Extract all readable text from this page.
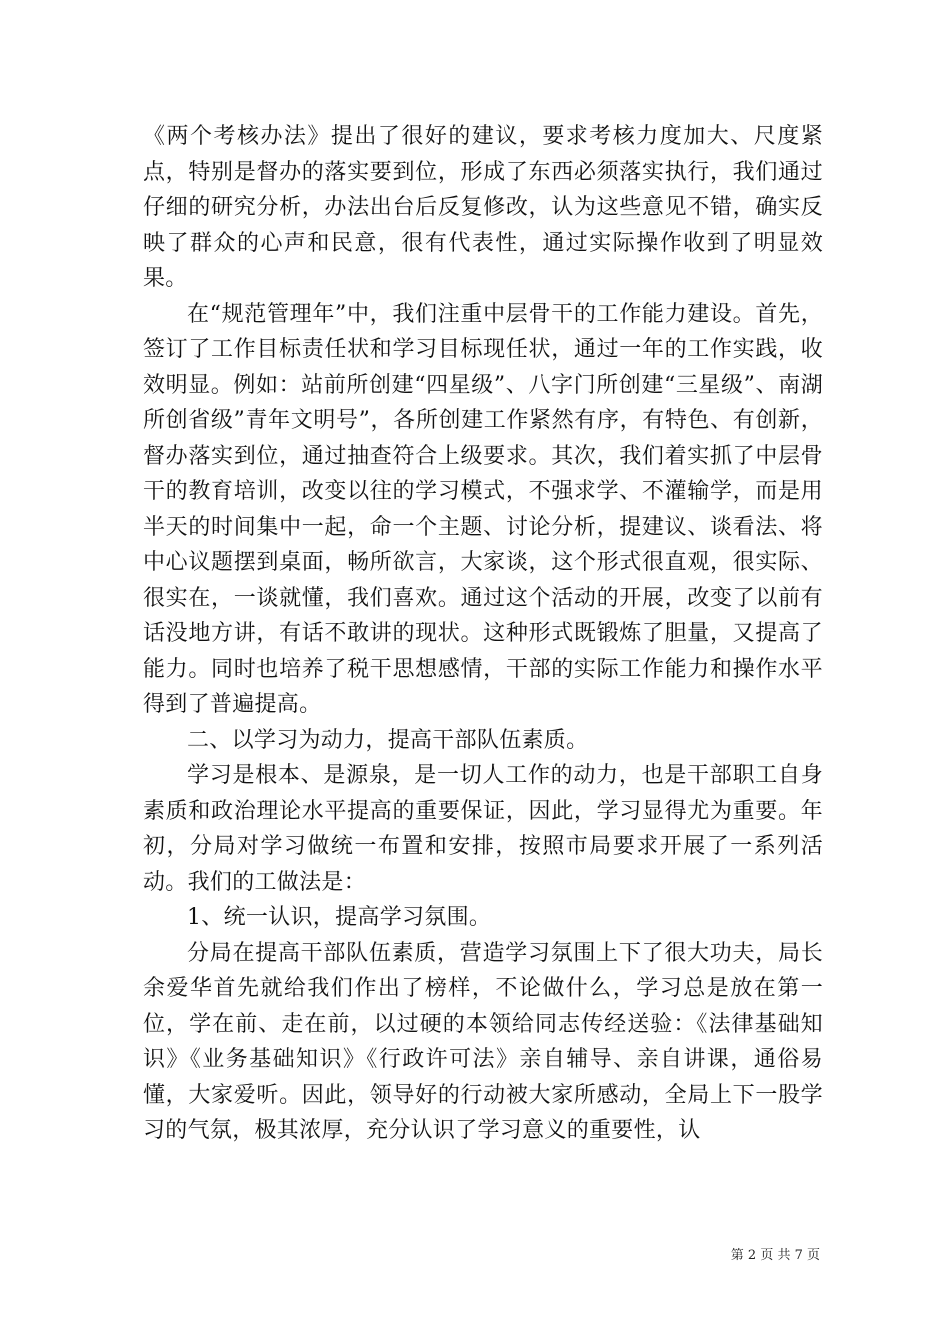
《两个考核办法》提出了很好的建议，要求考核力度加大、尺度紧点，特别是督办的落实要到位，形成了东西必须落实执行，我们通过仔细的研究分析，办法出台后反复修改，认为这些意见不错，确实反映了群众的心声和民意，很有代表性，通过实际操作收到了明显效果。

在“规范管理年”中，我们注重中层骨干的工作能力建设。首先，签订了工作目标责任状和学习目标现任状，通过一年的工作实践，收效明显。例如：站前所创建“四星级”、八字门所创建“三星级”、南湖所创省级”青年文明号”，各所创建工作紧然有序，有特色、有创新，督办落实到位，通过抽查符合上级要求。其次，我们着实抓了中层骨干的教育培训，改变以往的学习模式，不强求学、不灌输学，而是用半天的时间集中一起，命一个主题、讨论分析，提建议、谈看法、将中心议题摆到桌面，畅所欲言，大家谈，这个形式很直观，很实际、很实在，一谈就懂，我们喜欢。通过这个活动的开展，改变了以前有话没地方讲，有话不敢讲的现状。这种形式既锻炼了胆量，又提高了能力。同时也培养了税干思想感情，干部的实际工作能力和操作水平得到了普遍提高。

二、以学习为动力，提高干部队伍素质。

学习是根本、是源泉，是一切人工作的动力，也是干部职工自身素质和政治理论水平提高的重要保证，因此，学习显得尤为重要。年初，分局对学习做统一布置和安排，按照市局要求开展了一系列活动。我们的工做法是：

1、统一认识，提高学习氛围。

分局在提高干部队伍素质，营造学习氛围上下了很大功夫，局长余爱华首先就给我们作出了榜样，不论做什么，学习总是放在第一位，学在前、走在前，以过硬的本领给同志传经送验：《法律基础知识》《业务基础知识》《行政许可法》亲自辅导、亲自讲课，通俗易懂，大家爱听。因此，领导好的行动被大家所感动，全局上下一股学习的气氛，极其浓厚，充分认识了学习意义的重要性，认

第 2 页 共 7 页
